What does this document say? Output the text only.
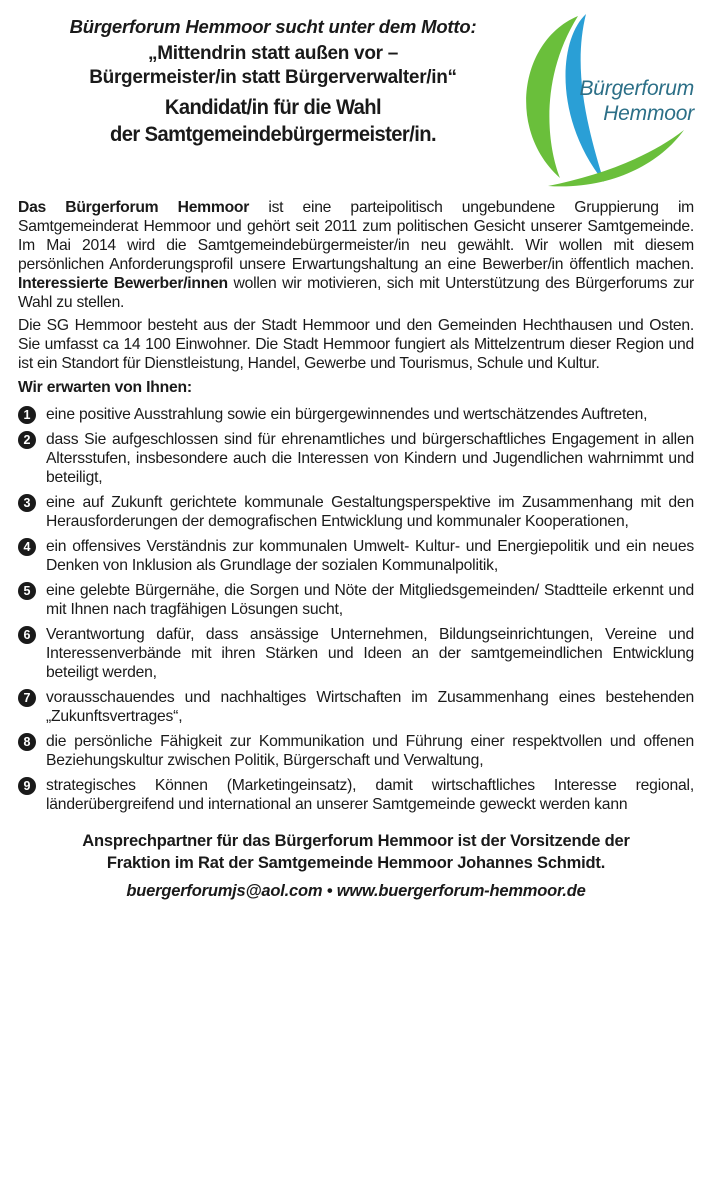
Bürgerforum Hemmoor sucht unter dem Motto:
„Mittendrin statt außen vor –
Bürgermeister/in statt Bürgerverwalter/in“
Kandidat/in für die Wahl
der Samtgemeindebürgermeister/in.
Bürgerforum
Hemmoor

Das Bürgerforum Hemmoor ist eine parteipolitisch ungebundene Gruppierung im Samtgemeinderat Hemmoor und gehört seit 2011 zum politischen Gesicht unserer Samtgemeinde. Im Mai 2014 wird die Samtgemeindebürgermeister/in neu gewählt. Wir wollen mit diesem persönlichen Anforderungsprofil unsere Erwartungshaltung an eine Bewerber/in öffentlich machen. Interessierte Bewerber/innen wollen wir motivieren, sich mit Unterstützung des Bürgerforums zur Wahl zu stellen.

Die SG Hemmoor besteht aus der Stadt Hemmoor und den Gemeinden Hechthausen und Osten. Sie umfasst ca 14 100 Einwohner. Die Stadt Hemmoor fungiert als Mittelzentrum dieser Region und ist ein Standort für Dienstleistung, Handel, Gewerbe und Tourismus, Schule und Kultur.

Wir erwarten von Ihnen:
1 eine positive Ausstrahlung sowie ein bürgergewinnendes und wertschätzendes Auftreten,
2 dass Sie aufgeschlossen sind für ehrenamtliches und bürgerschaftliches Engagement in allen Altersstufen, insbesondere auch die Interessen von Kindern und Jugendlichen wahrnimmt und beteiligt,
3 eine auf Zukunft gerichtete kommunale Gestaltungsperspektive im Zusammenhang mit den Herausforderungen der demografischen Entwicklung und kommunaler Kooperationen,
4 ein offensives Verständnis zur kommunalen Umwelt- Kultur- und Energiepolitik und ein neues Denken von Inklusion als Grundlage der sozialen Kommunalpolitik,
5 eine gelebte Bürgernähe, die Sorgen und Nöte der Mitgliedsgemeinden/ Stadtteile erkennt und mit Ihnen nach tragfähigen Lösungen sucht,
6 Verantwortung dafür, dass ansässige Unternehmen, Bildungseinrichtungen, Vereine und Interessenverbände mit ihren Stärken und Ideen an der samtgemeindlichen Entwicklung beteiligt werden,
7 vorausschauendes und nachhaltiges Wirtschaften im Zusammenhang eines bestehenden „Zukunftsvertrages“,
8 die persönliche Fähigkeit zur Kommunikation und Führung einer respektvollen und offenen Beziehungskultur zwischen Politik, Bürgerschaft und Verwaltung,
9 strategisches Können (Marketingeinsatz), damit wirtschaftliches Interesse regional, länderübergreifend und international an unserer Samtgemeinde geweckt werden kann
Ansprechpartner für das Bürgerforum Hemmoor ist der Vorsitzende der
Fraktion im Rat der Samtgemeinde Hemmoor Johannes Schmidt.
buergerforumjs@aol.com • www.buergerforum-hemmoor.de
